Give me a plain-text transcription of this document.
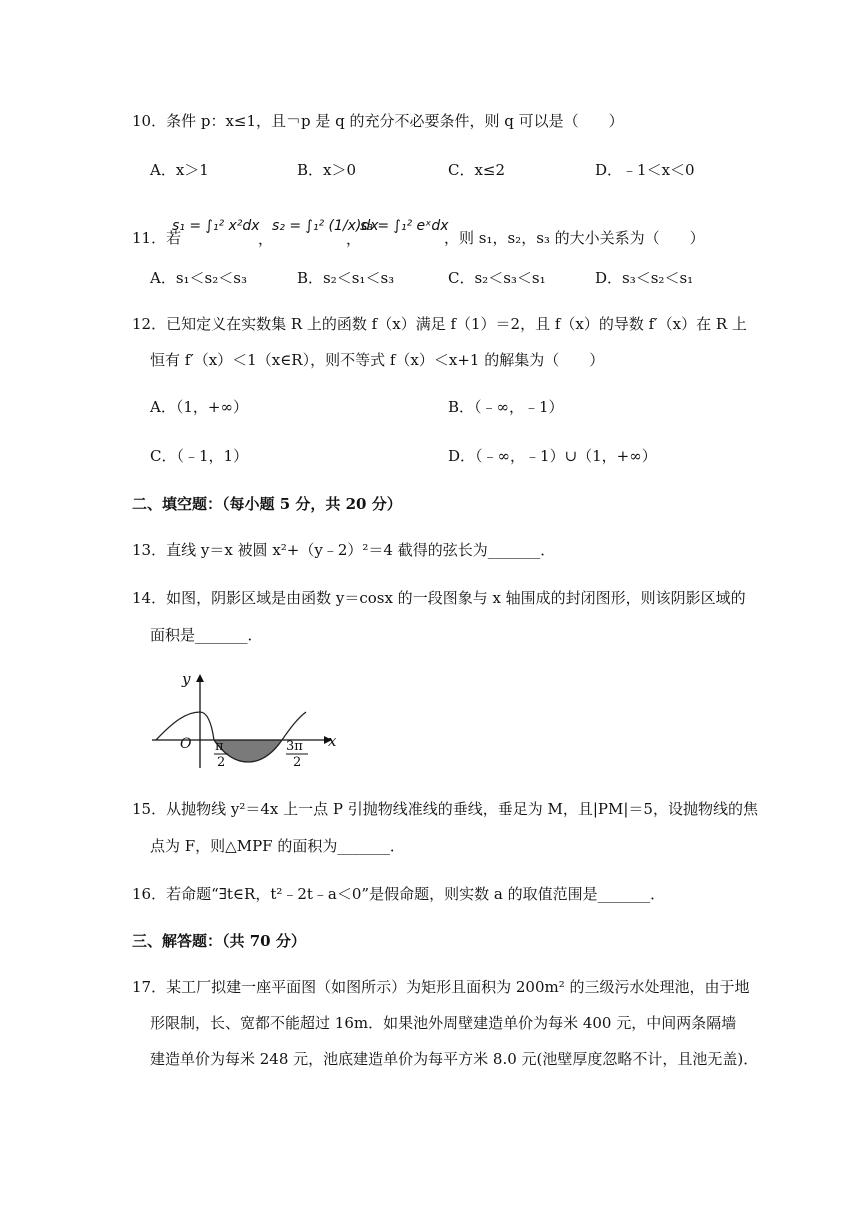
10．条件 p：x≤1，且￢p 是 q 的充分不必要条件，则 q 可以是（　　）
A．x＞1	B．x＞0	C．x≤2	D．﹣1＜x＜0
11．若
s₁ = ∫₁² x²dx
，
s₂ = ∫₁² (1/x)dx
，
s₃ = ∫₁² eˣdx
，则 s₁，s₂，s₃ 的大小关系为（　　）
A．s₁＜s₂＜s₃	B．s₂＜s₁＜s₃	C．s₂＜s₃＜s₁	D．s₃＜s₂＜s₁
12．已知定义在实数集 R 上的函数 f（x）满足 f（1）＝2，且 f（x）的导数 f′（x）在 R 上
恒有 f′（x）＜1（x∈R），则不等式 f（x）＜x+1 的解集为（　　）
A．（1，+∞）	B．（﹣∞，﹣1）
C．（﹣1，1）	D．（﹣∞，﹣1）∪（1，+∞）
二、填空题：（每小题 5 分，共 20 分）
13．直线 y＝x 被圆 x²+（y﹣2）²＝4 截得的弦长为_______．
14．如图，阴影区域是由函数 y＝cosx 的一段图象与 x 轴围成的封闭图形，则该阴影区域的
面积是_______．
y
x
O π
2
3π
2
15．从抛物线 y²＝4x 上一点 P 引抛物线准线的垂线，垂足为 M，且|PM|＝5，设抛物线的焦
点为 F，则△MPF 的面积为_______．
16．若命题“∃t∈R，t²﹣2t﹣a＜0”是假命题，则实数 a 的取值范围是_______．
三、解答题：（共 70 分）
17．某工厂拟建一座平面图（如图所示）为矩形且面积为 200m² 的三级污水处理池，由于地
形限制，长、宽都不能超过 16m．如果池外周壁建造单价为每米 400 元，中间两条隔墙
建造单价为每米 248 元，池底建造单价为每平方米 8.0 元(池壁厚度忽略不计，且池无盖)．
